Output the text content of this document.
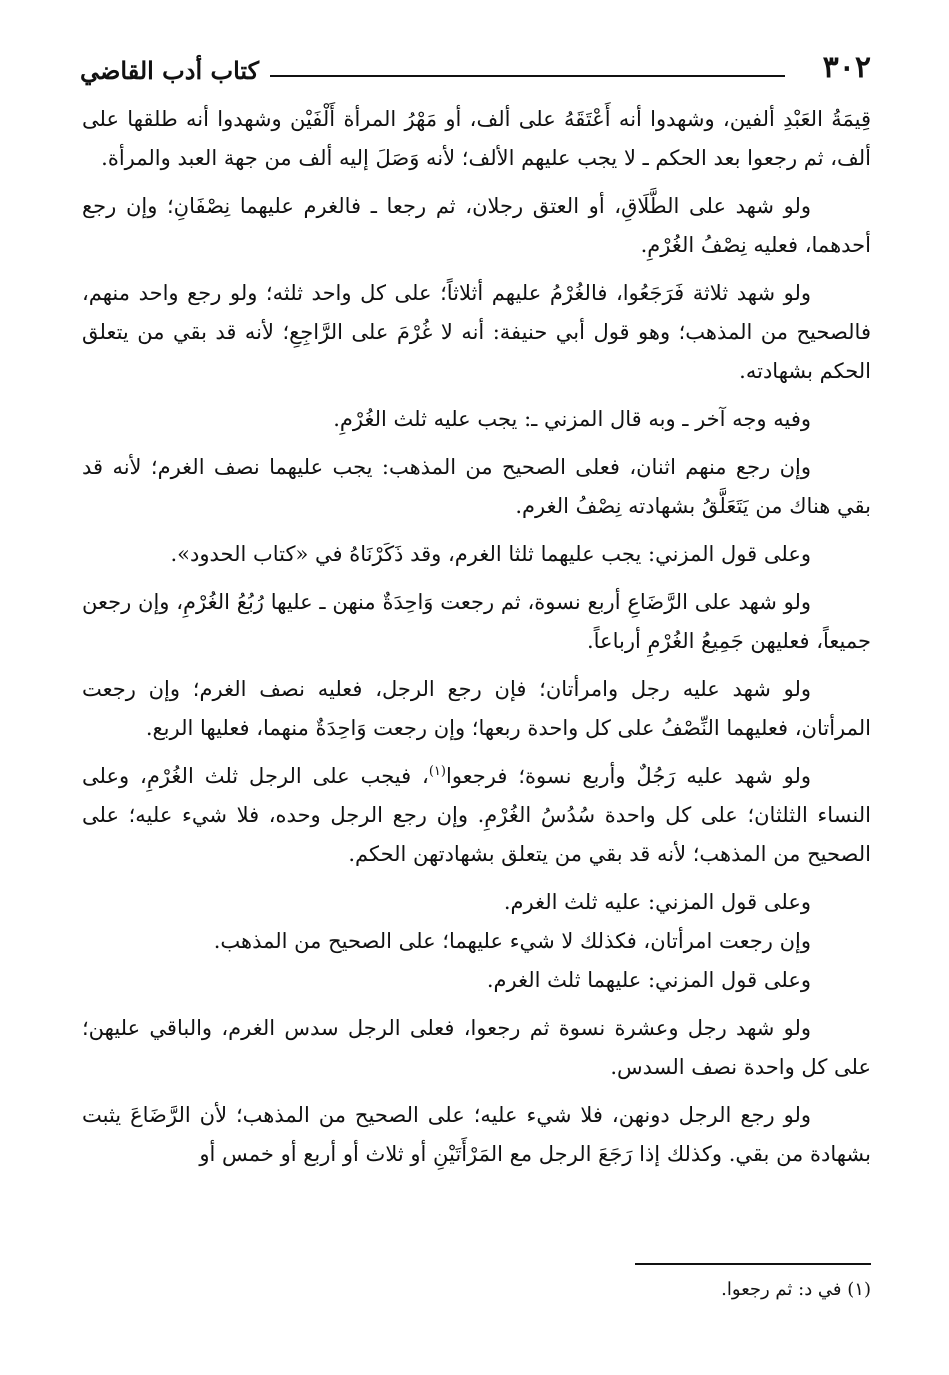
٣٠٢
كتاب أدب القاضي

قِيمَةُ العَبْدِ ألفين، وشهدوا أنه أَعْتَقَهُ على ألف، أو مَهْرُ المرأة أَلْفَيْن وشهدوا أنه طلقها على ألف، ثم رجعوا بعد الحكم ـ لا يجب عليهم الألف؛ لأنه وَصَلَ إليه ألف من جهة العبد والمرأة.

ولو شهد على الطَّلَاقِ، أو العتق رجلان، ثم رجعا ـ فالغرم عليهما نِصْفَانِ؛ وإن رجع أحدهما، فعليه نِصْفُ الغُرْمِ.

ولو شهد ثلاثة فَرَجَعُوا، فالغُرْمُ عليهم أثلاثاً؛ على كل واحد ثلثه؛ ولو رجع واحد منهم، فالصحيح من المذهب؛ وهو قول أبي حنيفة: أنه لا غُرْمَ على الرَّاجِعِ؛ لأنه قد بقي من يتعلق الحكم بشهادته.

وفيه وجه آخر ـ وبه قال المزني ـ: يجب عليه ثلث الغُرْمِ.

وإن رجع منهم اثنان، فعلى الصحيح من المذهب: يجب عليهما نصف الغرم؛ لأنه قد بقي هناك من يَتَعَلَّقُ بشهادته نِصْفُ الغرم.

وعلى قول المزني: يجب عليهما ثلثا الغرم، وقد ذَكَرْنَاهُ في «كتاب الحدود».

ولو شهد على الرَّضَاعِ أربع نسوة، ثم رجعت وَاحِدَةٌ منهن ـ عليها رُبُعُ الغُرْمِ، وإن رجعن جميعاً، فعليهن جَمِيعُ الغُرْمِ أرباعاً.

ولو شهد عليه رجل وامرأتان؛ فإن رجع الرجل، فعليه نصف الغرم؛ وإن رجعت المرأتان، فعليهما النِّصْفُ على كل واحدة ربعها؛ وإن رجعت وَاحِدَةٌ منهما، فعليها الربع.

ولو شهد عليه رَجُلٌ وأربع نسوة؛ فرجعوا$^{(١)}$، فيجب على الرجل ثلث الغُرْمِ، وعلى النساء الثلثان؛ على كل واحدة سُدُسُ الغُرْمِ. وإن رجع الرجل وحده، فلا شيء عليه؛ على الصحيح من المذهب؛ لأنه قد بقي من يتعلق بشهادتهن الحكم.

وعلى قول المزني: عليه ثلث الغرم.

وإن رجعت امرأتان، فكذلك لا شيء عليهما؛ على الصحيح من المذهب.

وعلى قول المزني: عليهما ثلث الغرم.

ولو شهد رجل وعشرة نسوة ثم رجعوا، فعلى الرجل سدس الغرم، والباقي عليهن؛ على كل واحدة نصف السدس.

ولو رجع الرجل دونهن، فلا شيء عليه؛ على الصحيح من المذهب؛ لأن الرَّضَاعَ يثبت بشهادة من بقي. وكذلك إذا رَجَعَ الرجل مع المَرْأَتَيْنِ أو ثلاث أو أربع أو خمس أو

(١) في د: ثم رجعوا.
